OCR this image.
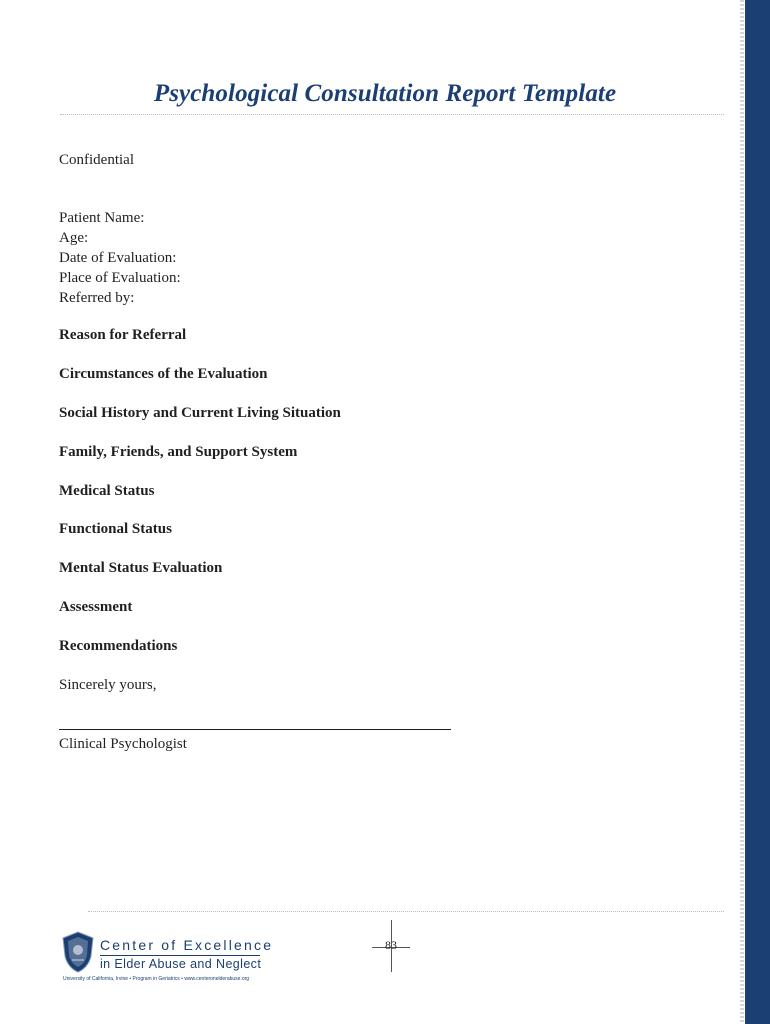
Psychological Consultation Report Template
Confidential
Patient Name:
Age:
Date of Evaluation:
Place of Evaluation:
Referred by:
Reason for Referral
Circumstances of the Evaluation
Social History and Current Living Situation
Family, Friends, and Support System
Medical Status
Functional Status
Mental Status Evaluation
Assessment
Recommendations
Sincerely yours,
Clinical Psychologist
83
Center of Excellence
in Elder Abuse and Neglect
University of California, Irvine • Program in Geriatrics • www.centeronelderabuse.org
